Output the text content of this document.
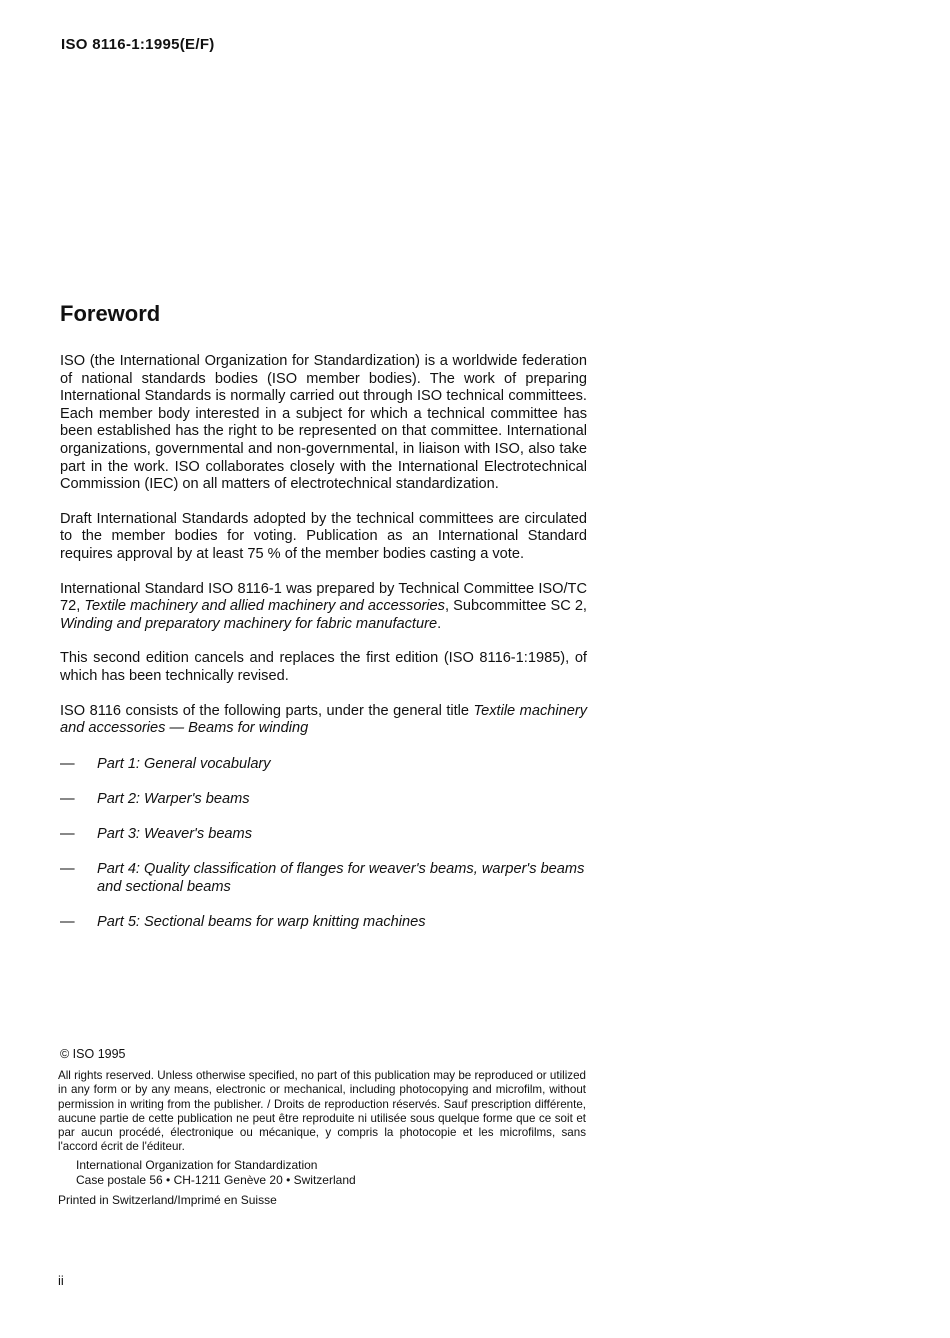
ISO 8116-1:1995(E/F)
Foreword

ISO (the International Organization for Standardization) is a worldwide federation of national standards bodies (ISO member bodies). The work of preparing International Standards is normally carried out through ISO technical committees. Each member body interested in a subject for which a technical committee has been established has the right to be represented on that committee. International organizations, governmental and non-governmental, in liaison with ISO, also take part in the work. ISO collaborates closely with the International Electrotechnical Commission (IEC) on all matters of electrotechnical standardization.

Draft International Standards adopted by the technical committees are circulated to the member bodies for voting. Publication as an International Standard requires approval by at least 75 % of the member bodies casting a vote.

International Standard ISO 8116-1 was prepared by Technical Committee ISO/TC 72, Textile machinery and allied machinery and accessories, Subcommittee SC 2, Winding and preparatory machinery for fabric manufacture.

This second edition cancels and replaces the first edition (ISO 8116-1:1985), of which has been technically revised.

ISO 8116 consists of the following parts, under the general title Textile machinery and accessories — Beams for winding

—	Part 1: General vocabulary
—	Part 2: Warper's beams
—	Part 3: Weaver's beams
—	Part 4: Quality classification of flanges for weaver's beams, warper's beams and sectional beams
—	Part 5: Sectional beams for warp knitting machines
© ISO 1995

All rights reserved. Unless otherwise specified, no part of this publication may be reproduced or utilized in any form or by any means, electronic or mechanical, including photocopying and microfilm, without permission in writing from the publisher. / Droits de reproduction réservés. Sauf prescription différente, aucune partie de cette publication ne peut être reproduite ni utilisée sous quelque forme que ce soit et par aucun procédé, électronique ou mécanique, y compris la photocopie et les microfilms, sans l'accord écrit de l'éditeur.

International Organization for Standardization
Case postale 56 • CH-1211 Genève 20 • Switzerland
Printed in Switzerland/Imprimé en Suisse
ii
